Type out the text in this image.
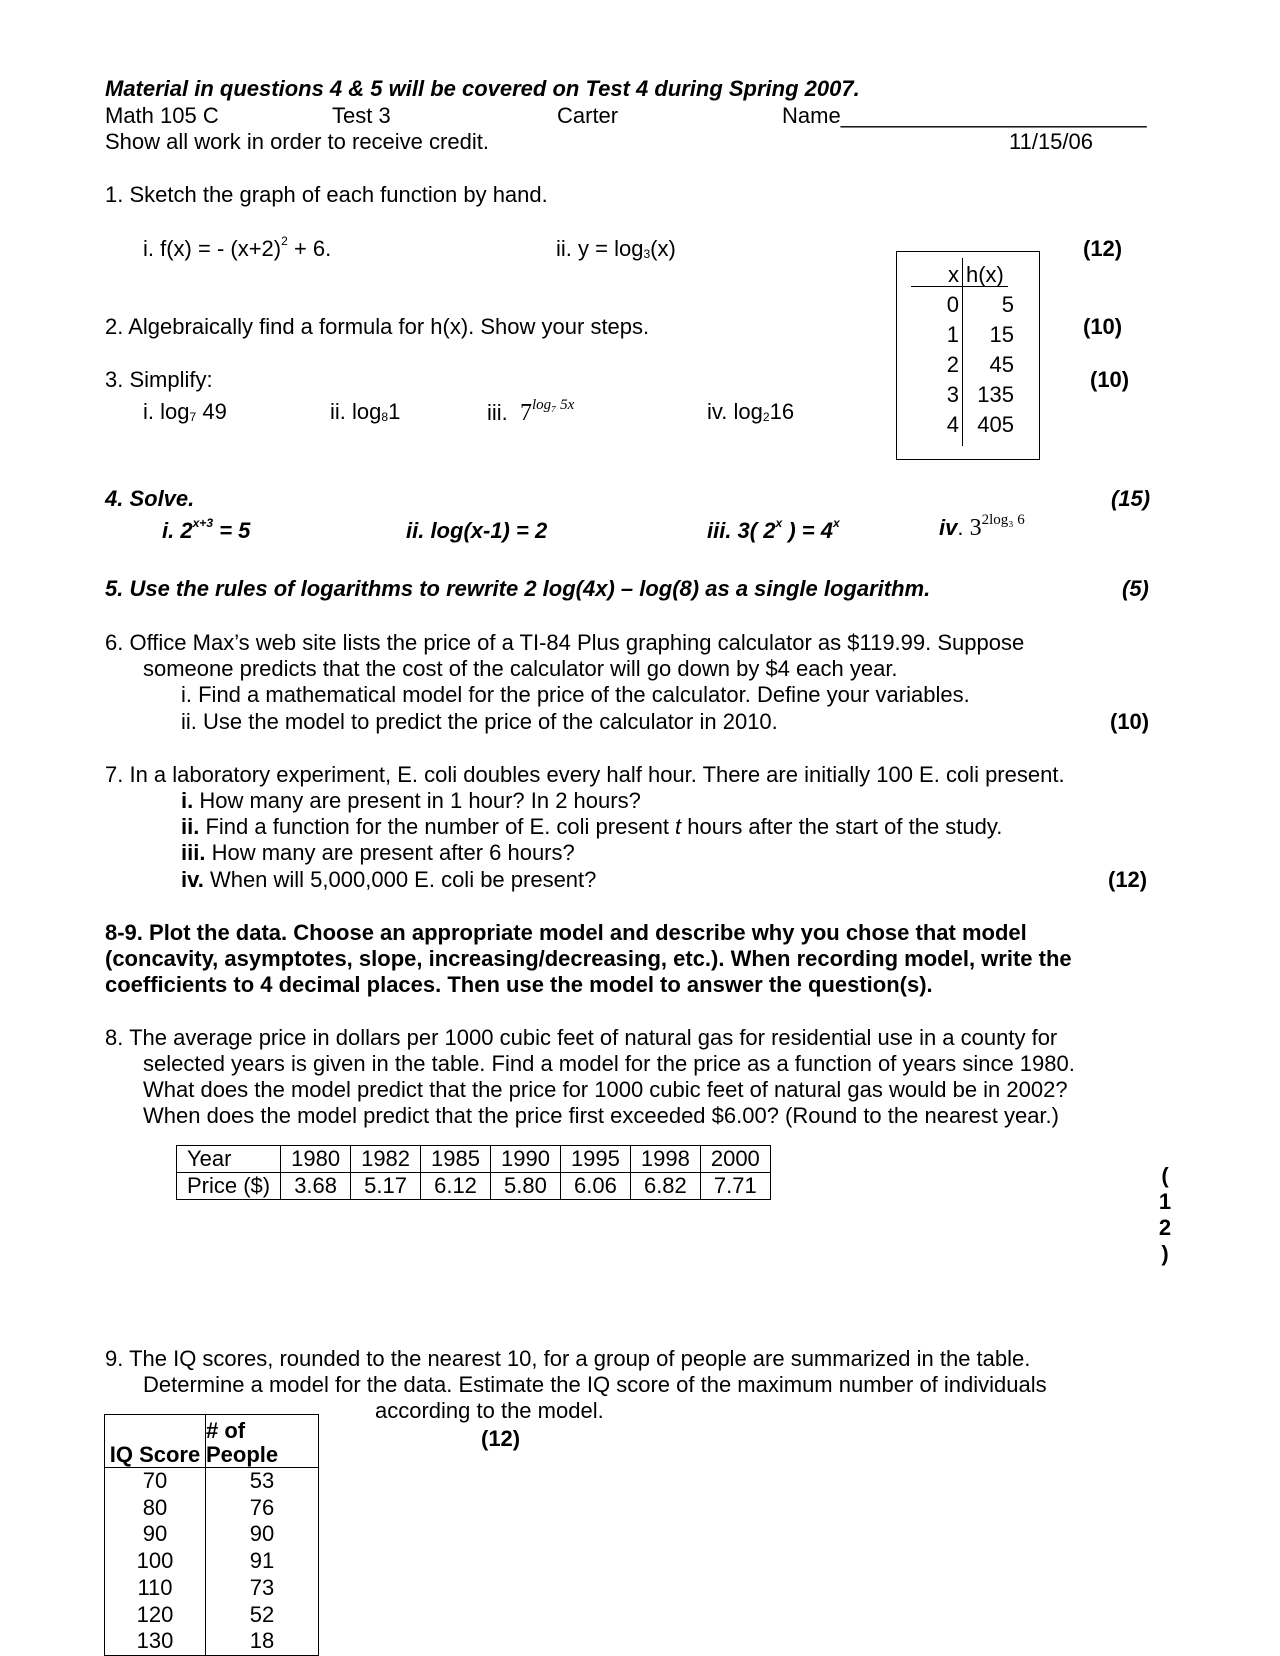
Material in questions 4 & 5 will be covered on Test 4 during Spring 2007.
Math 105 C	Test 3	Carter	Name_________________________
Show all work in order to receive credit.	11/15/06
1. Sketch the graph of each function by hand.
i. f(x) = - $(x+2)^2 + 6$.	ii. $y = \log_3(x)$	(12)
x h(x)
0	5
1	15
2	45
3 135
4 405
2. Algebraically find a formula for h(x). Show your steps.	(10)
3. Simplify:	(10)
i. $\log_7 49$	ii. $\log_81$	iii. $7^{log_7 5x}$	iv. $\log_216$
4. Solve.	(15)
i. $2^{x+3} = 5$	ii. log(x-1) = 2	iii. 3( 2$^x$ ) = $4^x$	iv. $3^{2log_3 6}$
5. Use the rules of logarithms to rewrite 2 log(4x) – log(8) as a single logarithm.	(5)
6. Office Max’s web site lists the price of a TI-84 Plus graphing calculator as $119.99. Suppose
someone predicts that the cost of the calculator will go down by $4 each year.
i. Find a mathematical model for the price of the calculator. Define your variables.
ii. Use the model to predict the price of the calculator in 2010.	(10)
7. In a laboratory experiment, E. coli doubles every half hour. There are initially 100 E. coli present.
i. How many are present in 1 hour? In 2 hours?
ii. Find a function for the number of E. coli present t hours after the start of the study.
iii. How many are present after 6 hours?
iv. When will 5,000,000 E. coli be present?	(12)
8-9. Plot the data. Choose an appropriate model and describe why you chose that model
(concavity, asymptotes, slope, increasing/decreasing, etc.). When recording model, write the
coefficients to 4 decimal places. Then use the model to answer the question(s).
8. The average price in dollars per 1000 cubic feet of natural gas for residential use in a county for
selected years is given in the table. Find a model for the price as a function of years since 1980.
What does the model predict that the price for 1000 cubic feet of natural gas would be in 2002?
When does the model predict that the price first exceeded $6.00? (Round to the nearest year.)
Year	1980	1982	1985	1990	1995	1998	2000
Price ($)	3.68	5.17	6.12	5.80	6.06	6.82	7.71	(
1
2
)
9. The IQ scores, rounded to the nearest 10, for a group of people are summarized in the table.
Determine a model for the data. Estimate the IQ score of the maximum number of individuals
according to the model.
(12)
IQ Score	# of
People

70	53
80	76
90	90
100	91
110	73
120	52
130	18
